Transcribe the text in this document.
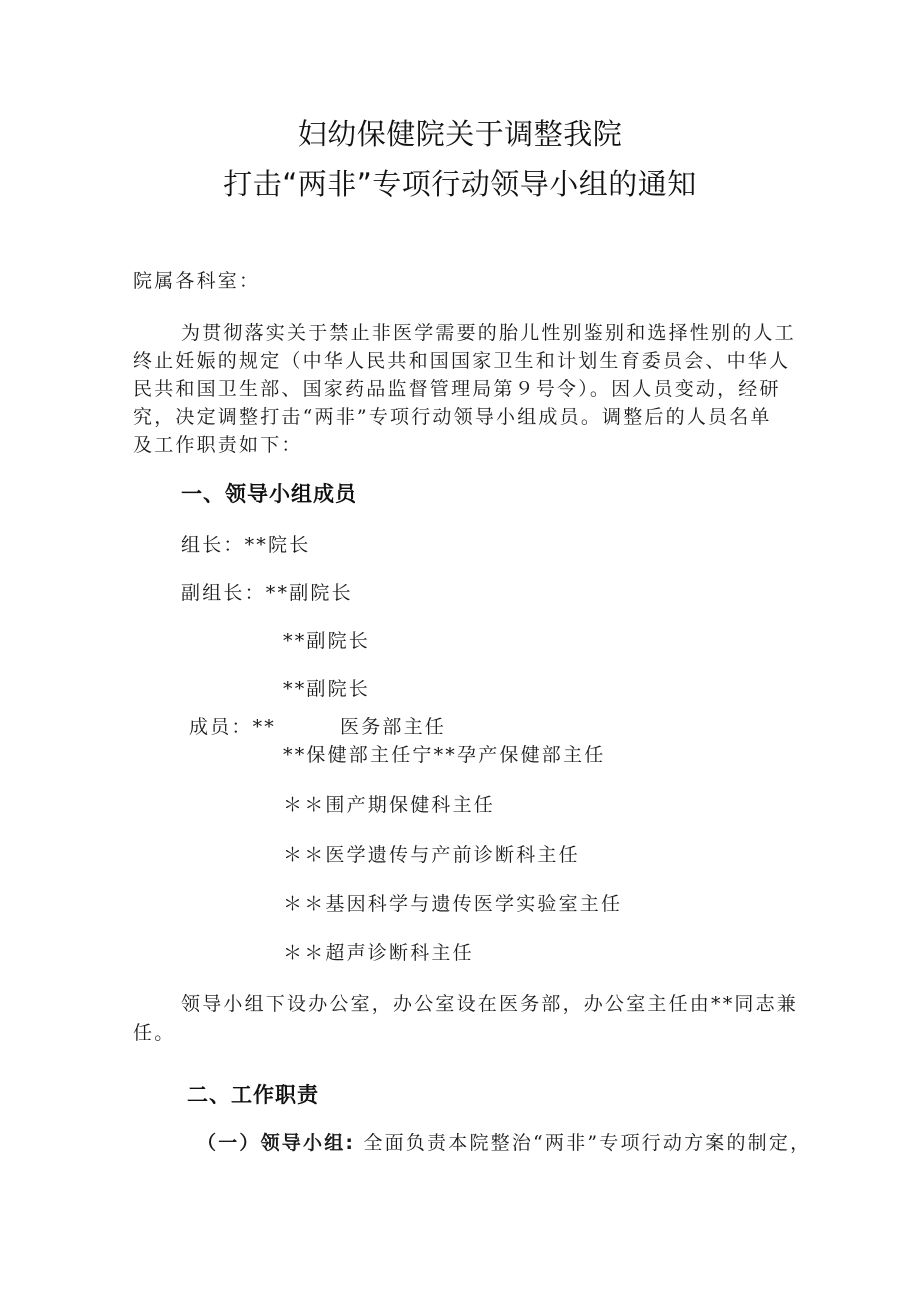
妇幼保健院关于调整我院
打击“两非”专项行动领导小组的通知
院属各科室：
为贯彻落实关于禁止非医学需要的胎儿性别鉴别和选择性别的人工
终止妊娠的规定（中华人民共和国国家卫生和计划生育委员会、中华人
民共和国卫生部、国家药品监督管理局第９号令）。因人员变动，经研
究，决定调整打击“两非”专项行动领导小组成员。调整后的人员名单
及工作职责如下：
一、领导小组成员
组长：**院长
副组长：**副院长
**副院长
**副院长
成员：**	医务部主任
**保健部主任宁**孕产保健部主任
＊＊围产期保健科主任
＊＊医学遗传与产前诊断科主任
＊＊基因科学与遗传医学实验室主任
＊＊超声诊断科主任
领导小组下设办公室，办公室设在医务部，办公室主任由**同志兼
任。
二、工作职责
（一）领导小组: 全面负责本院整治“两非”专项行动方案的制定，
